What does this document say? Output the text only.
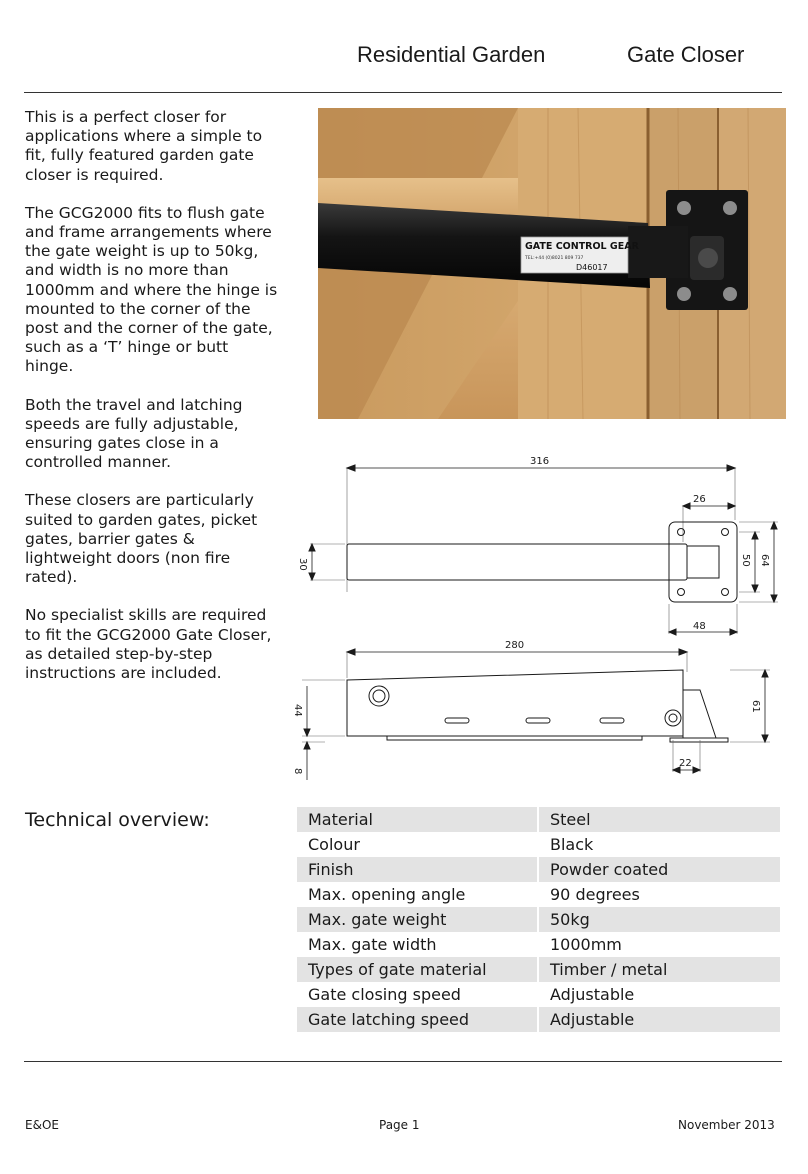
Residential Garden	Gate Closer

This is a perfect closer for applications where a simple to fit, fully featured garden gate closer is required.

The GCG2000 fits to flush gate and frame arrangements where the gate weight is up to 50kg, and width is no more than 1000mm and where the hinge is mounted to the corner of the post and the corner of the gate, such as a ‘T’ hinge or butt hinge.

Both the travel and latching speeds are fully adjustable, ensuring gates close in a controlled manner.

These closers are particularly suited to garden gates, picket gates, barrier gates & lightweight doors (non fire rated).

No specialist skills are required to fit the GCG2000 Gate Closer, as detailed step-by-step instructions are included.

GATE CONTROL GEAR
TEL:+44 (0)8021 809 737
D46017
316
26
30	50 64
48
280
44
8
61
22
Technical overview:	Material	Steel
Colour	Black
Finish	Powder coated
Max. opening angle	90 degrees
Max. gate weight	50kg
Max. gate width	1000mm
Types of gate material	Timber / metal
Gate closing speed	Adjustable
Gate latching speed	Adjustable
E&OE	Page 1	November 2013
